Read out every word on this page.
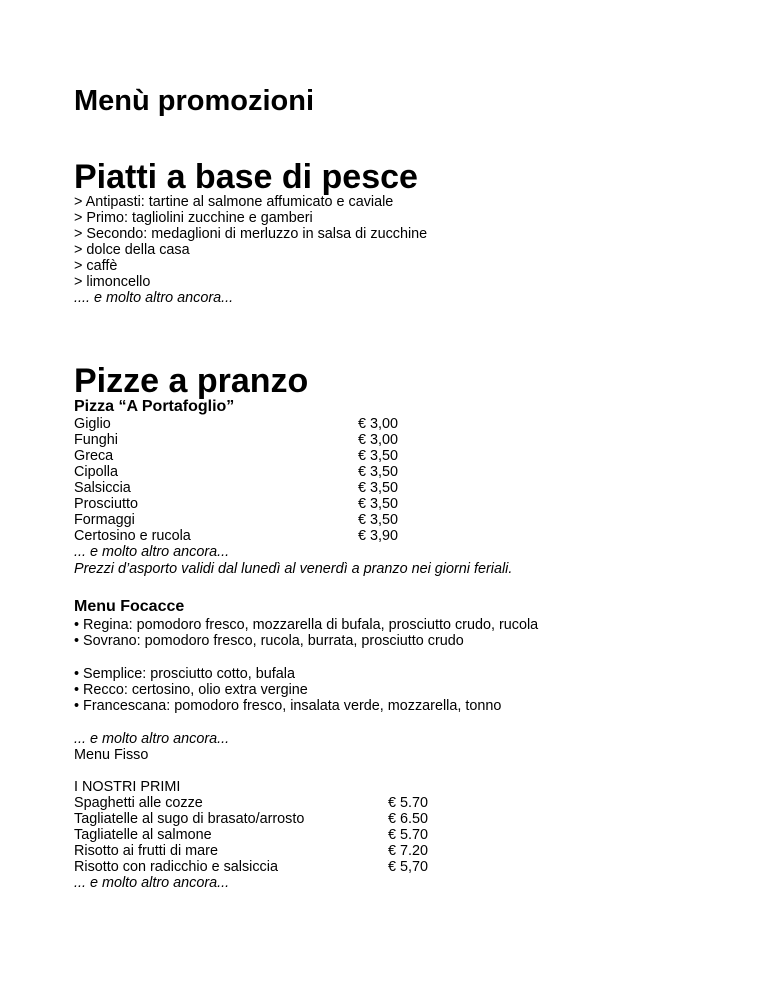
Menù promozioni
Piatti a base di pesce
> Antipasti: tartine al salmone affumicato e caviale
> Primo: tagliolini zucchine e gamberi
> Secondo: medaglioni di merluzzo in salsa di zucchine
> dolce della casa
> caffè
> limoncello
.... e molto altro ancora...
Pizze a pranzo
Pizza “A Portafoglio”
Giglio	€ 3,00
Funghi	€ 3,00
Greca	€ 3,50
Cipolla	€ 3,50
Salsiccia	€ 3,50
Prosciutto	€ 3,50
Formaggi	€ 3,50
Certosino e rucola	€ 3,90
... e molto altro ancora...
Prezzi d’asporto validi dal lunedì al venerdì a pranzo nei giorni feriali.
Menu Focacce
• Regina: pomodoro fresco, mozzarella di bufala, prosciutto crudo, rucola
• Sovrano: pomodoro fresco, rucola, burrata, prosciutto crudo
• Semplice: prosciutto cotto, bufala
• Recco: certosino, olio extra vergine
• Francescana: pomodoro fresco, insalata verde, mozzarella, tonno
... e molto altro ancora...
Menu Fisso
I NOSTRI PRIMI
Spaghetti alle cozze	€ 5.70
Tagliatelle al sugo di brasato/arrosto	€ 6.50
Tagliatelle al salmone	€ 5.70
Risotto ai frutti di mare	€ 7.20
Risotto con radicchio e salsiccia	€ 5,70
... e molto altro ancora...
